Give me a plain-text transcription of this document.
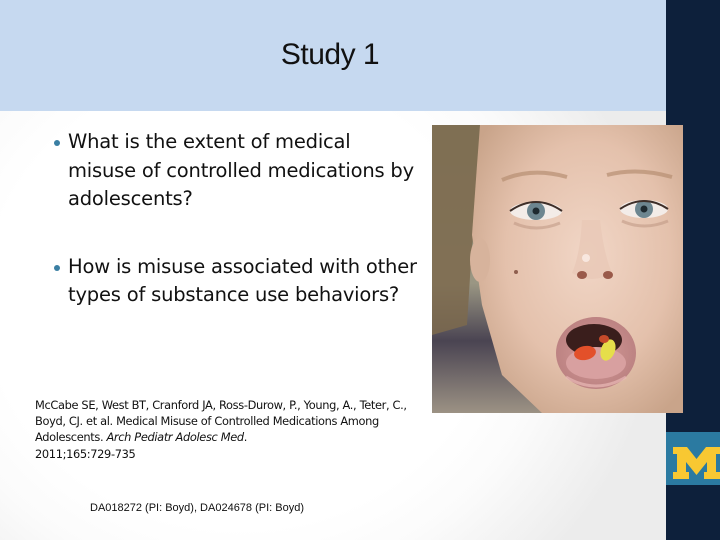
Study 1
What is the extent of medical misuse of controlled medications by adolescents?
How is misuse associated with other types of substance use behaviors?
McCabe SE, West BT, Cranford JA, Ross-Durow, P., Young, A., Teter, C., Boyd, CJ. et al. Medical Misuse of Controlled Medications Among Adolescents. Arch Pediatr Adolesc Med.
2011;165:729-735
DA018272 (PI: Boyd), DA024678 (PI: Boyd)
